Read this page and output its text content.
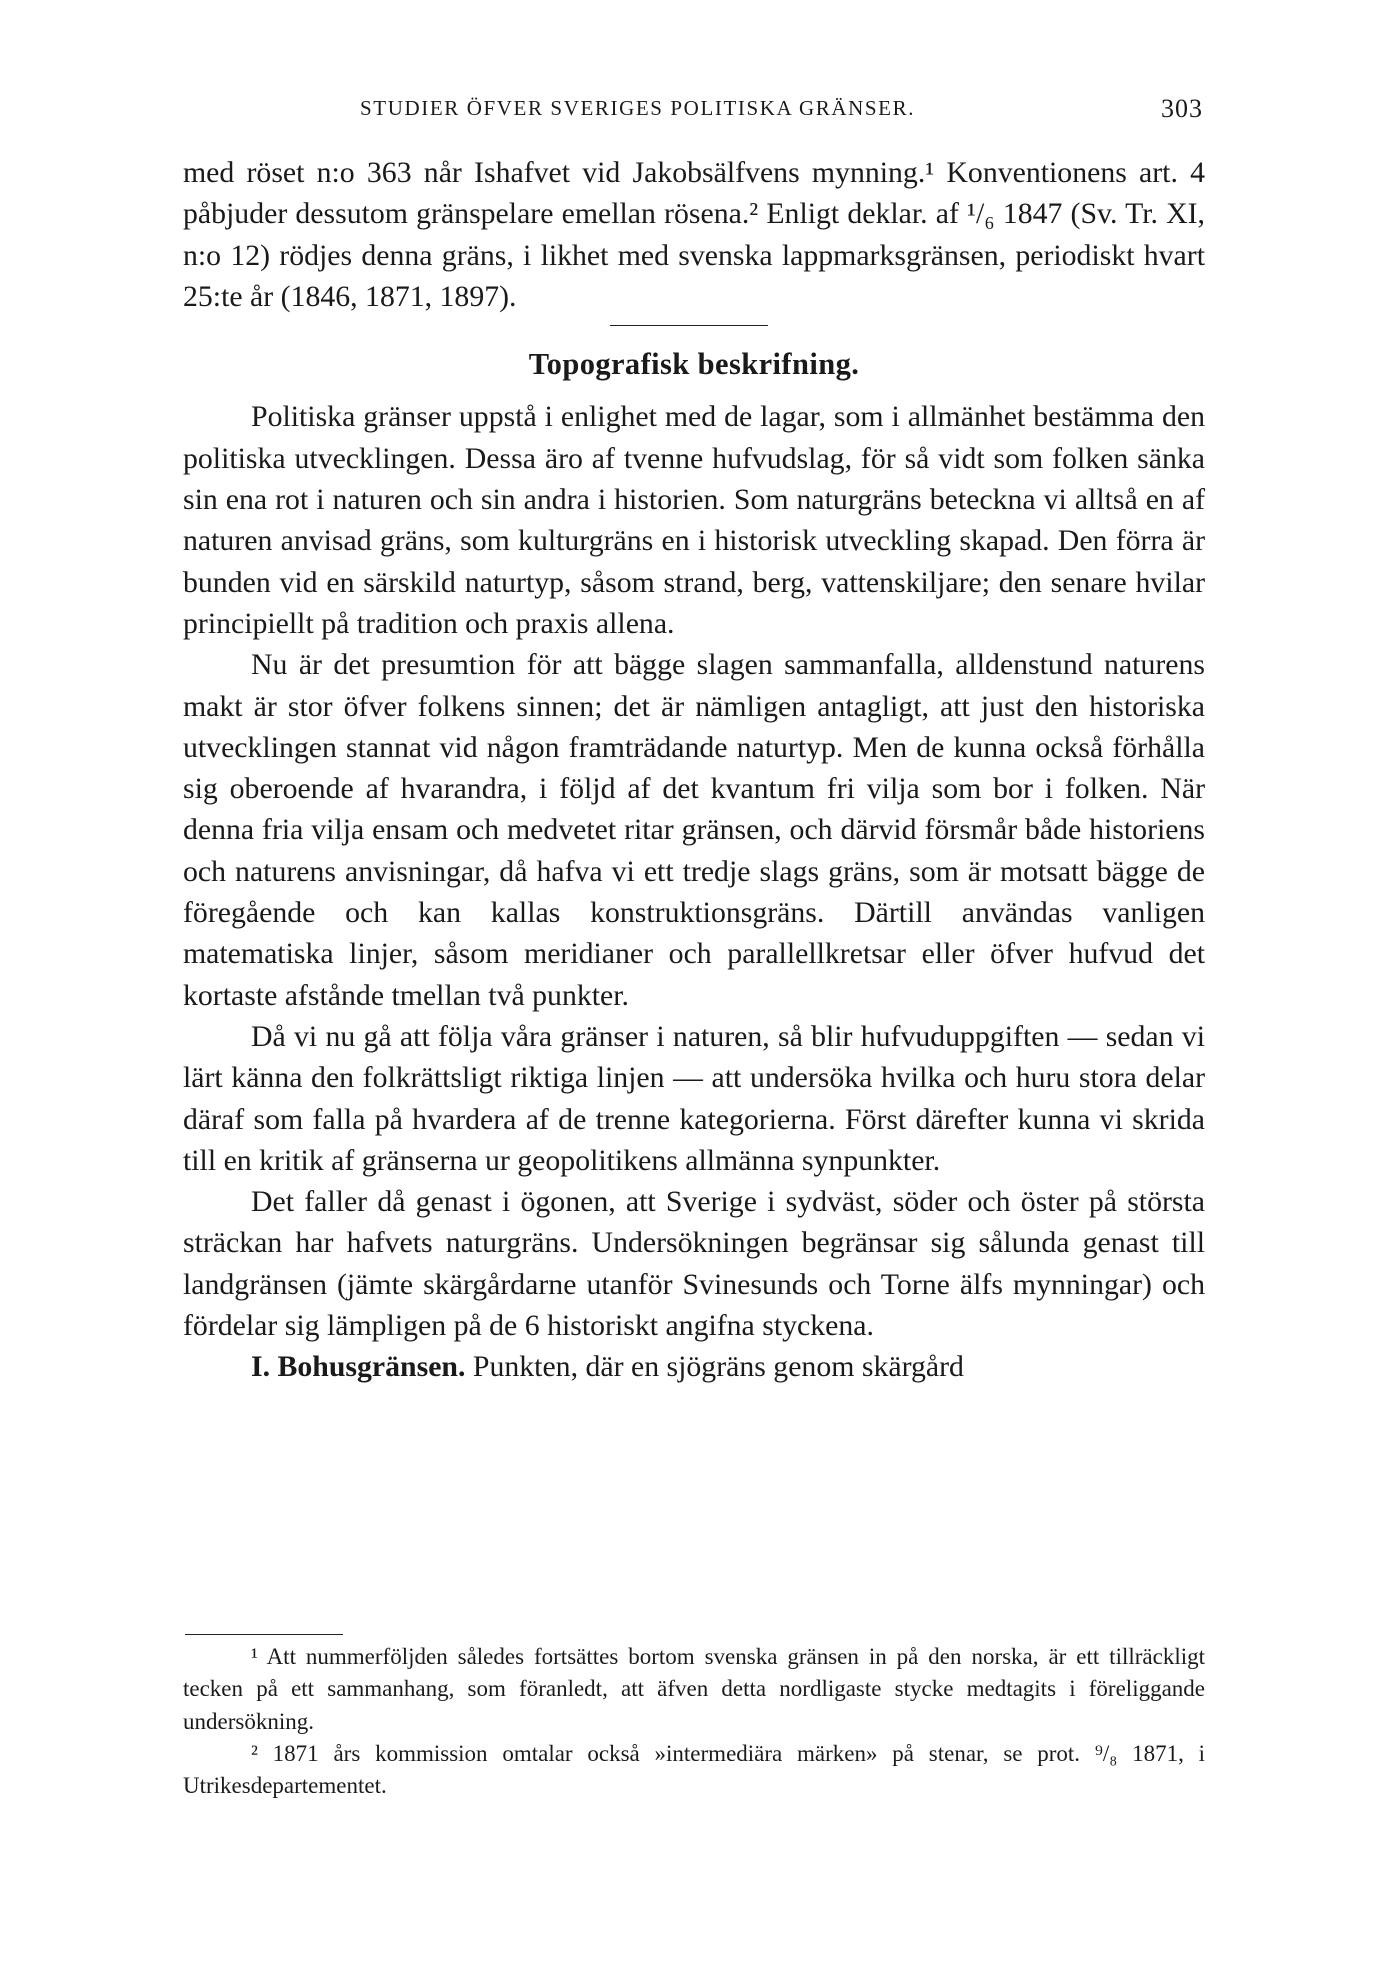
STUDIER ÖFVER SVERIGES POLITISKA GRÄNSER.	303

med röset n:o 363 når Ishafvet vid Jakobsälfvens mynning.¹ Konventionens art. 4 påbjuder dessutom gränspelare emellan rösena.² Enligt deklar. af ¹/₆ 1847 (Sv. Tr. XI, n:o 12) rödjes denna gräns, i likhet med svenska lappmarksgränsen, periodiskt hvart 25:te år (1846, 1871, 1897).

Topografisk beskrifning.

Politiska gränser uppstå i enlighet med de lagar, som i allmänhet bestämma den politiska utvecklingen. Dessa äro af tvenne hufvudslag, för så vidt som folken sänka sin ena rot i naturen och sin andra i historien. Som naturgräns beteckna vi alltså en af naturen anvisad gräns, som kulturgräns en i historisk utveckling skapad. Den förra är bunden vid en särskild naturtyp, såsom strand, berg, vattenskiljare; den senare hvilar principiellt på tradition och praxis allena.

Nu är det presumtion för att bägge slagen sammanfalla, alldenstund naturens makt är stor öfver folkens sinnen; det är nämligen antagligt, att just den historiska utvecklingen stannat vid någon framträdande naturtyp. Men de kunna också förhålla sig oberoende af hvarandra, i följd af det kvantum fri vilja som bor i folken. När denna fria vilja ensam och medvetet ritar gränsen, och därvid försmår både historiens och naturens anvisningar, då hafva vi ett tredje slags gräns, som är motsatt bägge de föregående och kan kallas konstruktionsgräns. Därtill användas vanligen matematiska linjer, såsom meridianer och parallellkretsar eller öfver hufvud det kortaste afstånde tmellan två punkter.

Då vi nu gå att följa våra gränser i naturen, så blir hufvuduppgiften — sedan vi lärt känna den folkrättsligt riktiga linjen — att undersöka hvilka och huru stora delar däraf som falla på hvardera af de trenne kategorierna. Först därefter kunna vi skrida till en kritik af gränserna ur geopolitikens allmänna synpunkter.

Det faller då genast i ögonen, att Sverige i sydväst, söder och öster på största sträckan har hafvets naturgräns. Undersökningen begränsar sig sålunda genast till landgränsen (jämte skärgårdarne utanför Svinesunds och Torne älfs mynningar) och fördelar sig lämpligen på de 6 historiskt angifna styckena.

I. Bohusgränsen. Punkten, där en sjögräns genom skärgård

¹ Att nummerföljden således fortsättes bortom svenska gränsen in på den norska, är ett tillräckligt tecken på ett sammanhang, som föranledt, att äfven detta nordligaste stycke medtagits i föreliggande undersökning.

² 1871 års kommission omtalar också »intermediära märken» på stenar, se prot. ⁹/₈ 1871, i Utrikesdepartementet.
